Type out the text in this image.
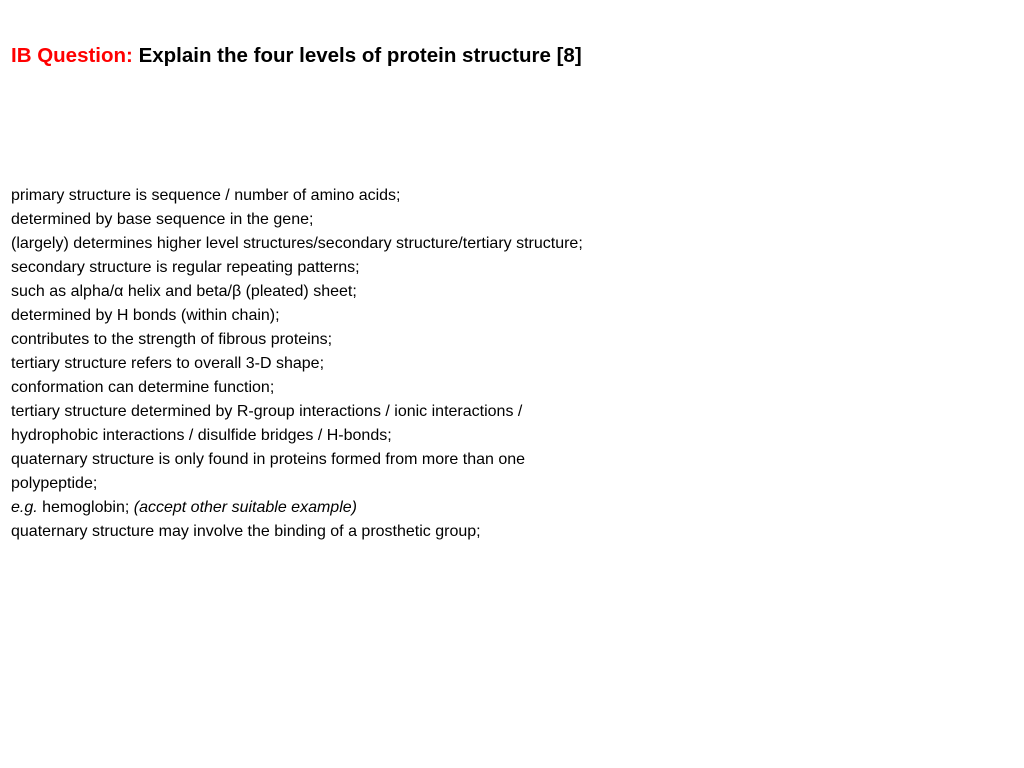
IB Question: Explain the four levels of protein structure [8]
primary structure is sequence / number of amino acids;
determined by base sequence in the gene;
(largely) determines higher level structures/secondary structure/tertiary structure;
secondary structure is regular repeating patterns;
such as alpha/α helix and beta/β (pleated) sheet;
determined by H bonds (within chain);
contributes to the strength of fibrous proteins;
tertiary structure refers to overall 3-D shape;
conformation can determine function;
tertiary structure determined by R-group interactions / ionic interactions /
hydrophobic interactions / disulfide bridges / H-bonds;
quaternary structure is only found in proteins formed from more than one
polypeptide;
e.g. hemoglobin; (accept other suitable example)
quaternary structure may involve the binding of a prosthetic group;
